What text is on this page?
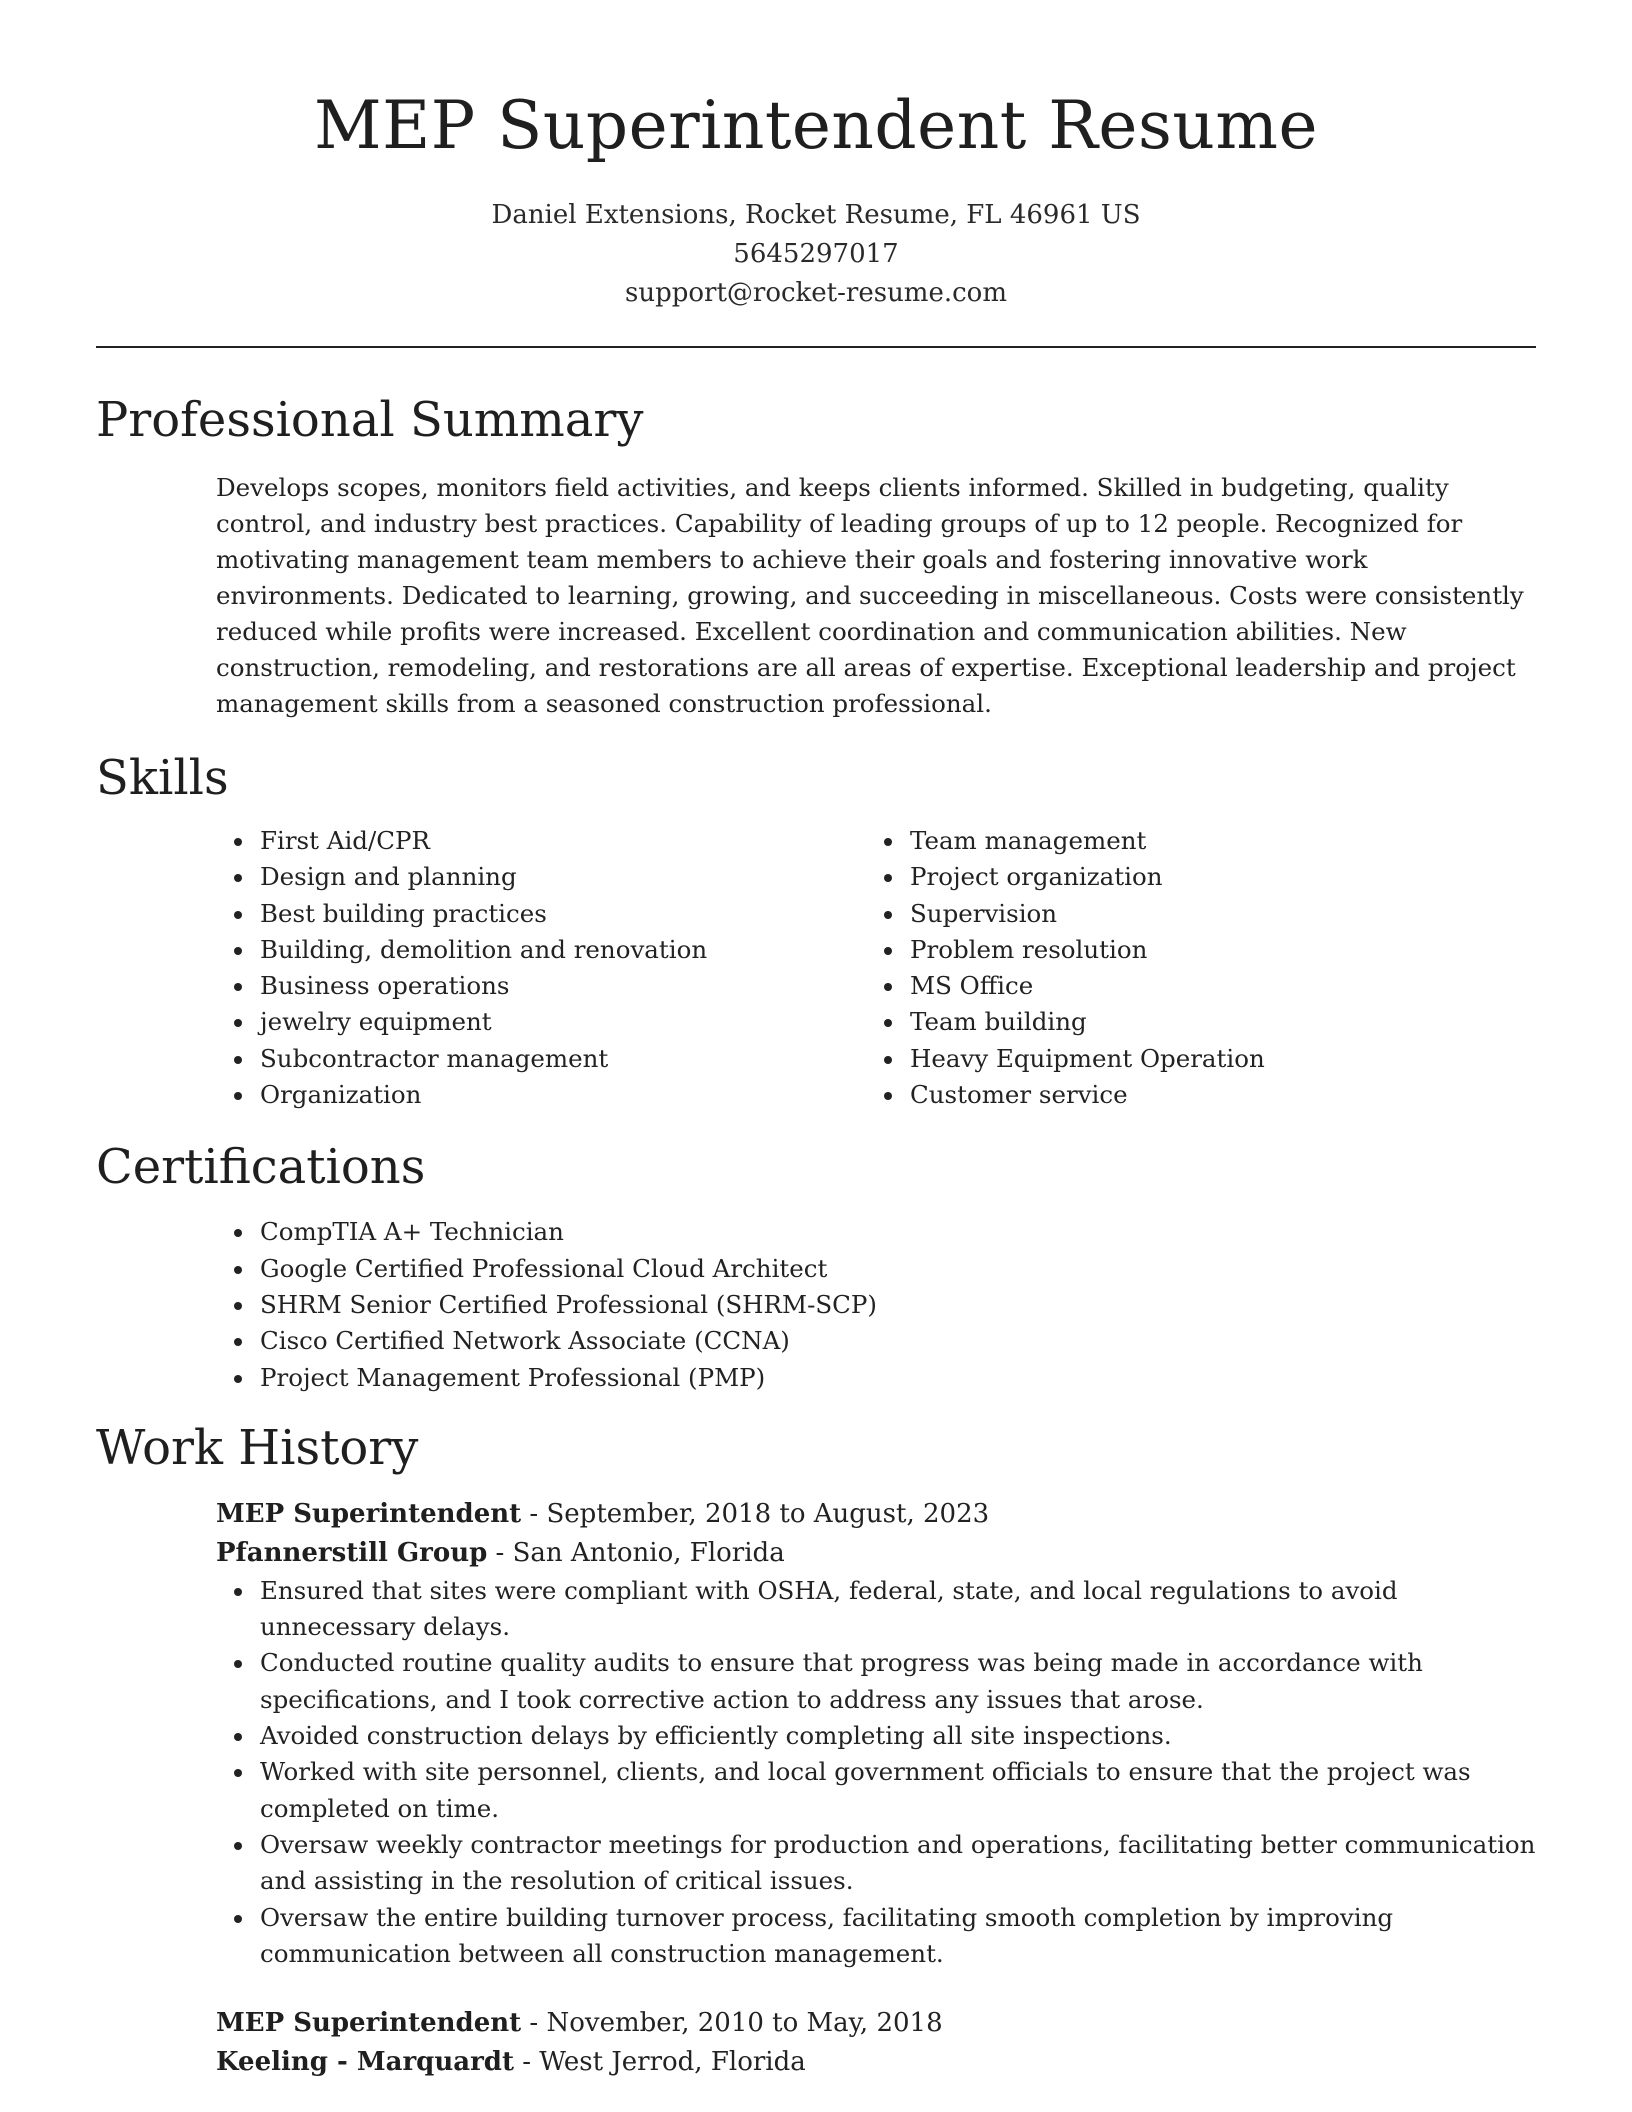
MEP Superintendent Resume
Daniel Extensions, Rocket Resume, FL 46961 US
5645297017
support@rocket-resume.com
Professional Summary

Develops scopes, monitors field activities, and keeps clients informed. Skilled in budgeting, quality control, and industry best practices. Capability of leading groups of up to 12 people. Recognized for motivating management team members to achieve their goals and fostering innovative work environments. Dedicated to learning, growing, and succeeding in miscellaneous. Costs were consistently reduced while profits were increased. Excellent coordination and communication abilities. New construction, remodeling, and restorations are all areas of expertise. Exceptional leadership and project management skills from a seasoned construction professional.

Skills
First Aid/CPR
Design and planning
Best building practices
Building, demolition and renovation
Business operations
jewelry equipment
Subcontractor management
Organization
Team management
Project organization
Supervision
Problem resolution
MS Office
Team building
Heavy Equipment Operation
Customer service
Certifications
CompTIA A+ Technician
Google Certified Professional Cloud Architect
SHRM Senior Certified Professional (SHRM-SCP)
Cisco Certified Network Associate (CCNA)
Project Management Professional (PMP)
Work History
MEP Superintendent - September, 2018 to August, 2023
Pfannerstill Group - San Antonio, Florida
Ensured that sites were compliant with OSHA, federal, state, and local regulations to avoid unnecessary delays.
Conducted routine quality audits to ensure that progress was being made in accordance with specifications, and I took corrective action to address any issues that arose.
Avoided construction delays by efficiently completing all site inspections.
Worked with site personnel, clients, and local government officials to ensure that the project was completed on time.
Oversaw weekly contractor meetings for production and operations, facilitating better communication and assisting in the resolution of critical issues.
Oversaw the entire building turnover process, facilitating smooth completion by improving communication between all construction management.
MEP Superintendent - November, 2010 to May, 2018
Keeling - Marquardt - West Jerrod, Florida
